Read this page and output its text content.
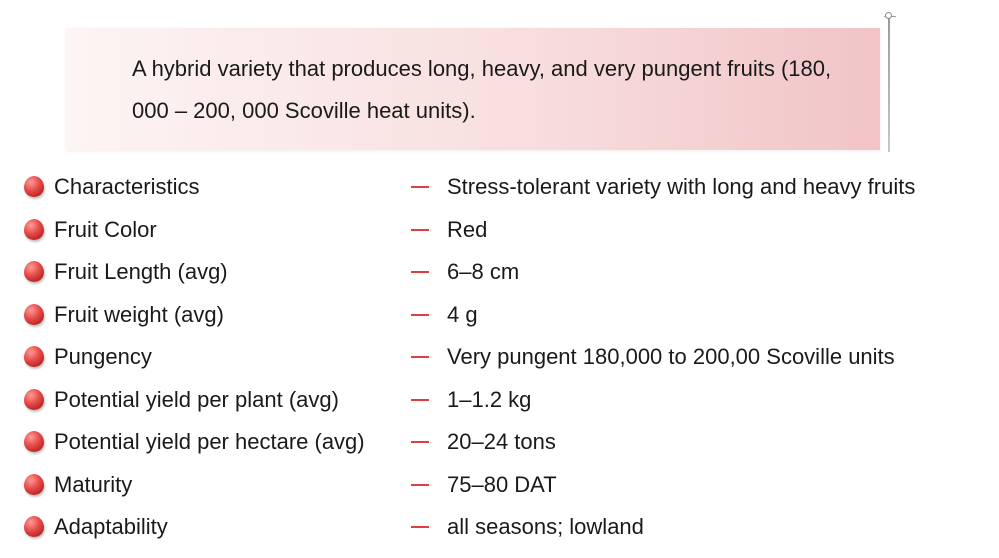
A hybrid variety that produces long, heavy, and very pungent fruits (180, 000 – 200, 000 Scoville heat units).
Characteristics	Stress-tolerant variety with long and heavy fruits
Fruit Color	Red
Fruit Length (avg)	6–8 cm
Fruit weight (avg)	4 g
Pungency	Very pungent 180,000 to 200,00 Scoville units
Potential yield per plant (avg)	1–1.2 kg
Potential yield per hectare (avg)	20–24 tons
Maturity	75–80 DAT
Adaptability	all seasons; lowland
